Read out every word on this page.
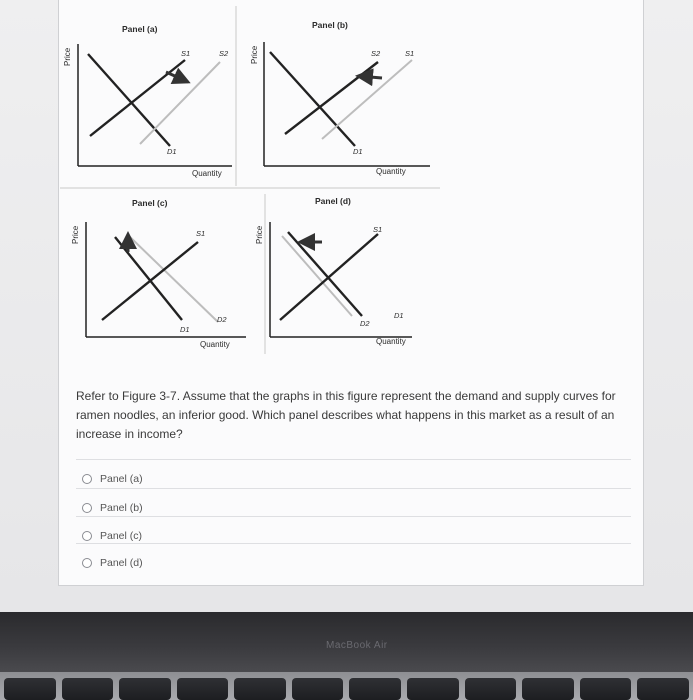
Panel (a)
Price	S1	S2
D1
Quantity
Panel (b)
Price	S2	S1
D1
Quantity
Panel (c)
Price	S1
D1
D2
Quantity
Panel (d)
Price	S1
D2
D1
Quantity
Refer to Figure 3-7. Assume that the graphs in this figure represent the demand and supply curves for ramen noodles, an inferior good. Which panel describes what happens in this market as a result of an increase in income?
Panel (a)
Panel (b)
Panel (c)
Panel (d)
MacBook Air
